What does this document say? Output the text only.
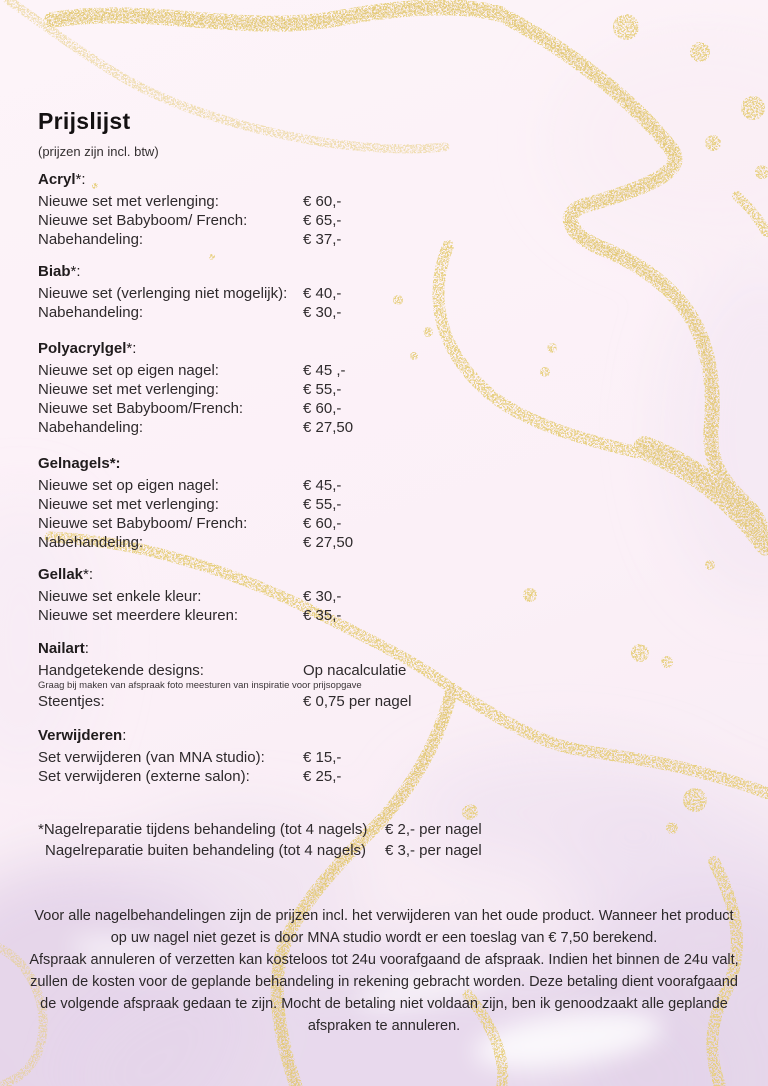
Prijslijst
(prijzen zijn incl. btw)
Acryl*:
Nieuwe set met verlenging:	€ 60,-
Nieuwe set Babyboom/ French:	€ 65,-
Nabehandeling:	€ 37,-
Biab*:
Nieuwe set (verlenging niet mogelijk): € 40,-
Nabehandeling:	€ 30,-
Polyacrylgel*:
Nieuwe set op eigen nagel:	€ 45 ,-
Nieuwe set met verlenging:	€ 55,-
Nieuwe set Babyboom/French:	€ 60,-
Nabehandeling:	€ 27,50
Gelnagels*:
Nieuwe set op eigen nagel:	€ 45,-
Nieuwe set met verlenging:	€ 55,-
Nieuwe set Babyboom/ French:	€ 60,-
Nabehandeling:	€ 27,50
Gellak*:
Nieuwe set enkele kleur:	€ 30,-
Nieuwe set meerdere kleuren:	€ 35,-
Nailart:
Handgetekende designs:	Op nacalculatie
Graag bij maken van afspraak foto meesturen van inspiratie voor prijsopgave
Steentjes:	€ 0,75 per nagel
Verwijderen:
Set verwijderen (van MNA studio):	€ 15,-
Set verwijderen (externe salon):	€ 25,-
*Nagelreparatie tijdens behandeling (tot 4 nagels) € 2,- per nagel
Nagelreparatie buiten behandeling (tot 4 nagels) € 3,- per nagel
Voor alle nagelbehandelingen zijn de prijzen incl. het verwijderen van het oude product. Wanneer het product
op uw nagel niet gezet is door MNA studio wordt er een toeslag van € 7,50 berekend.
Afspraak annuleren of verzetten kan kosteloos tot 24u voorafgaand de afspraak. Indien het binnen de 24u valt,
zullen de kosten voor de geplande behandeling in rekening gebracht worden. Deze betaling dient voorafgaand
de volgende afspraak gedaan te zijn. Mocht de betaling niet voldaan zijn, ben ik genoodzaakt alle geplande
afspraken te annuleren.
